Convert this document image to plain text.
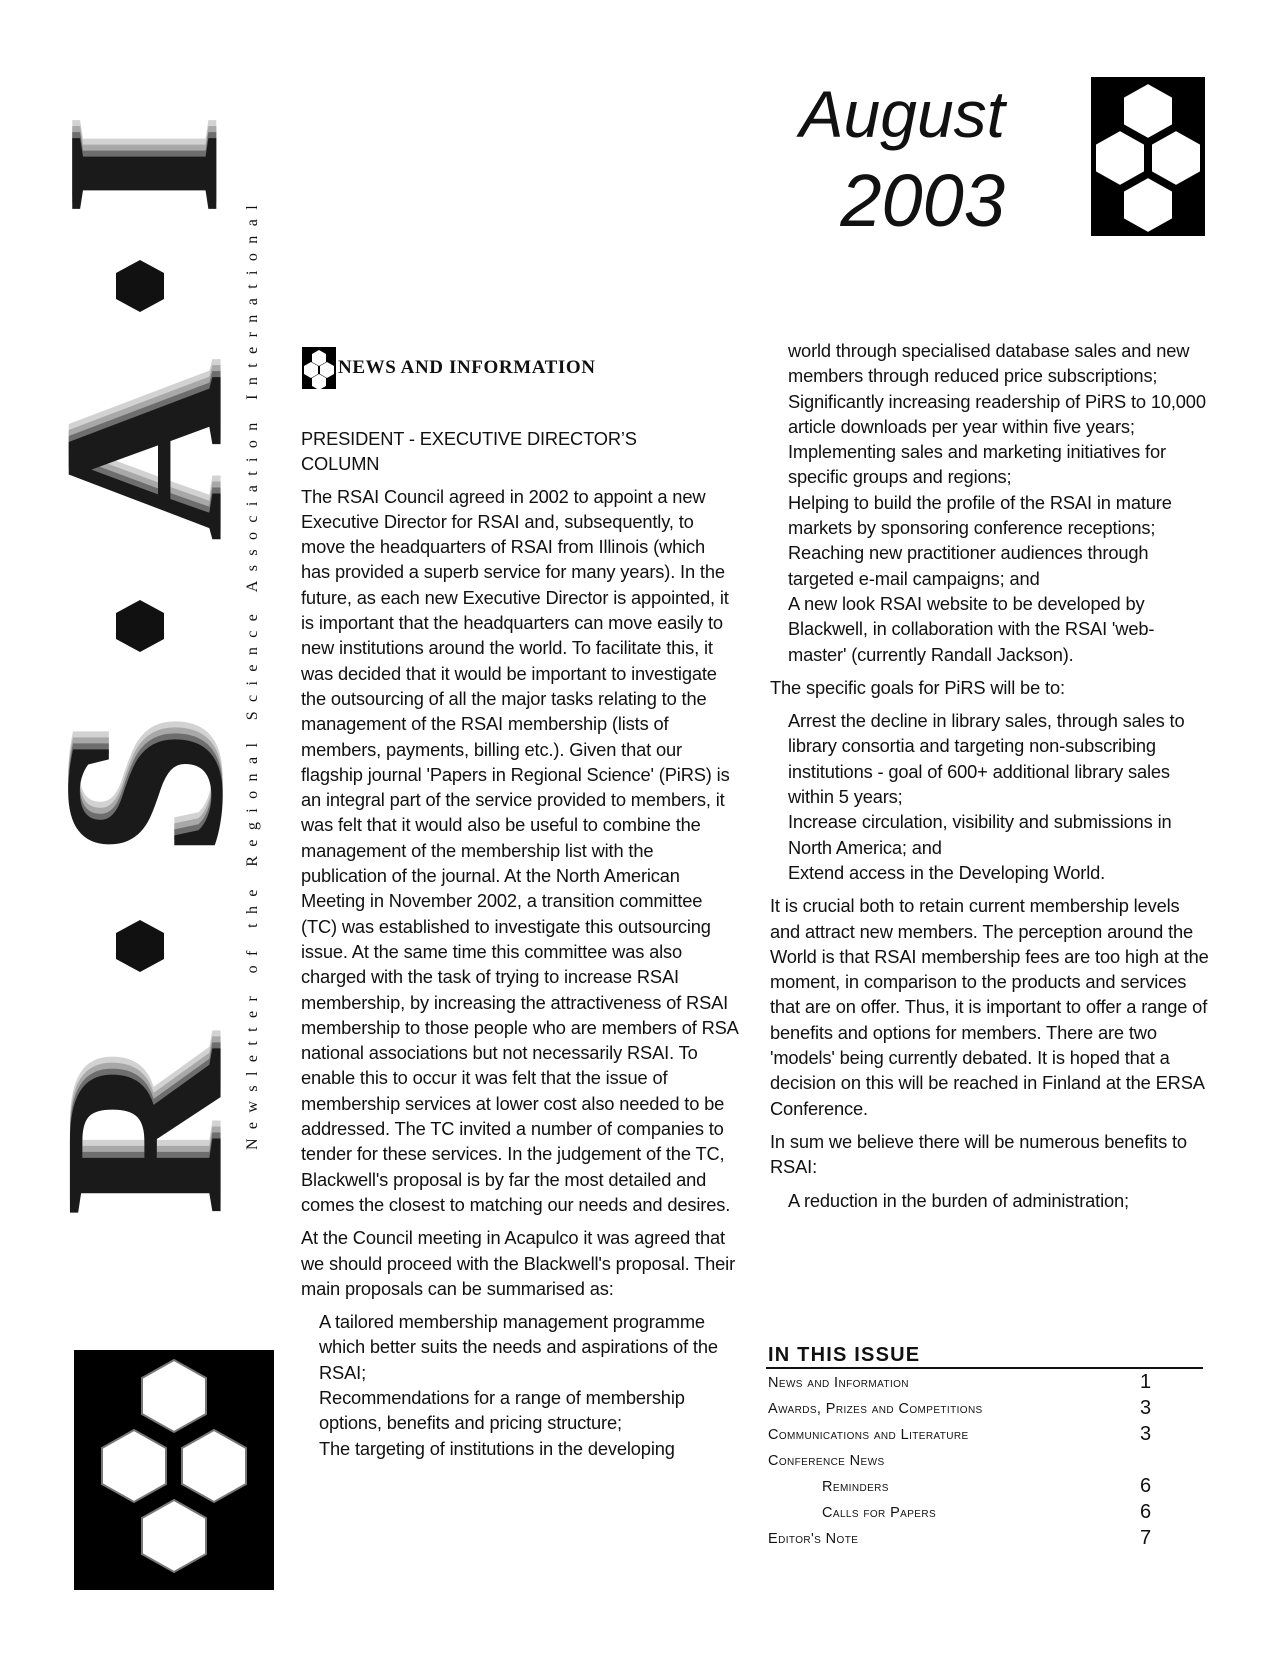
I
A
S
R
Newsletter of the Regional Science Association International
August
2003
NEWS AND INFORMATION

PRESIDENT - EXECUTIVE DIRECTOR’S

COLUMN

The RSAI Council agreed in 2002 to appoint a new Executive Director for RSAI and, subsequently, to move the headquarters of RSAI from Illinois (which has provided a superb service for many years). In the future, as each new Executive Director is appointed, it is important that the headquarters can move easily to new institutions around the world. To facilitate this, it was decided that it would be important to investigate the outsourcing of all the major tasks relating to the management of the RSAI membership (lists of members, payments, billing etc.). Given that our flagship journal 'Papers in Regional Science' (PiRS) is an integral part of the service provided to members, it was felt that it would also be useful to combine the management of the membership list with the publication of the journal. At the North American Meeting in November 2002, a transition committee (TC) was established to investigate this outsourcing issue. At the same time this committee was also charged with the task of trying to increase RSAI membership, by increasing the attractiveness of RSAI membership to those people who are members of RSA national associations but not necessarily RSAI. To enable this to occur it was felt that the issue of membership services at lower cost also needed to be addressed. The TC invited a number of companies to tender for these services. In the judgement of the TC, Blackwell's proposal is by far the most detailed and comes the closest to matching our needs and desires.

At the Council meeting in Acapulco it was agreed that we should proceed with the Blackwell's proposal. Their main proposals can be summarised as:

A tailored membership management programme which better suits the needs and aspirations of the RSAI;

Recommendations for a range of membership options, benefits and pricing structure;

The targeting of institutions in the developing

world through specialised database sales and new members through reduced price subscriptions;

Significantly increasing readership of PiRS to 10,000 article downloads per year within five years;

Implementing sales and marketing initiatives for specific groups and regions;

Helping to build the profile of the RSAI in mature markets by sponsoring conference receptions;

Reaching new practitioner audiences through targeted e-mail campaigns; and

A new look RSAI website to be developed by Blackwell, in collaboration with the RSAI 'web-master' (currently Randall Jackson).

The specific goals for PiRS will be to:

Arrest the decline in library sales, through sales to library consortia and targeting non-subscribing institutions - goal of 600+ additional library sales within 5 years;

Increase circulation, visibility and submissions in North America; and

Extend access in the Developing World.

It is crucial both to retain current membership levels and attract new members. The perception around the World is that RSAI membership fees are too high at the moment, in comparison to the products and services that are on offer. Thus, it is important to offer a range of benefits and options for members. There are two 'models' being currently debated. It is hoped that a decision on this will be reached in Finland at the ERSA Conference.

In sum we believe there will be numerous benefits to RSAI:

A reduction in the burden of administration;

IN THIS ISSUE
News and Information	1
Awards, Prizes and Competitions	3
Communications and Literature	3
Conference News
Reminders	6
Calls for Papers	6
Editor's Note	7
